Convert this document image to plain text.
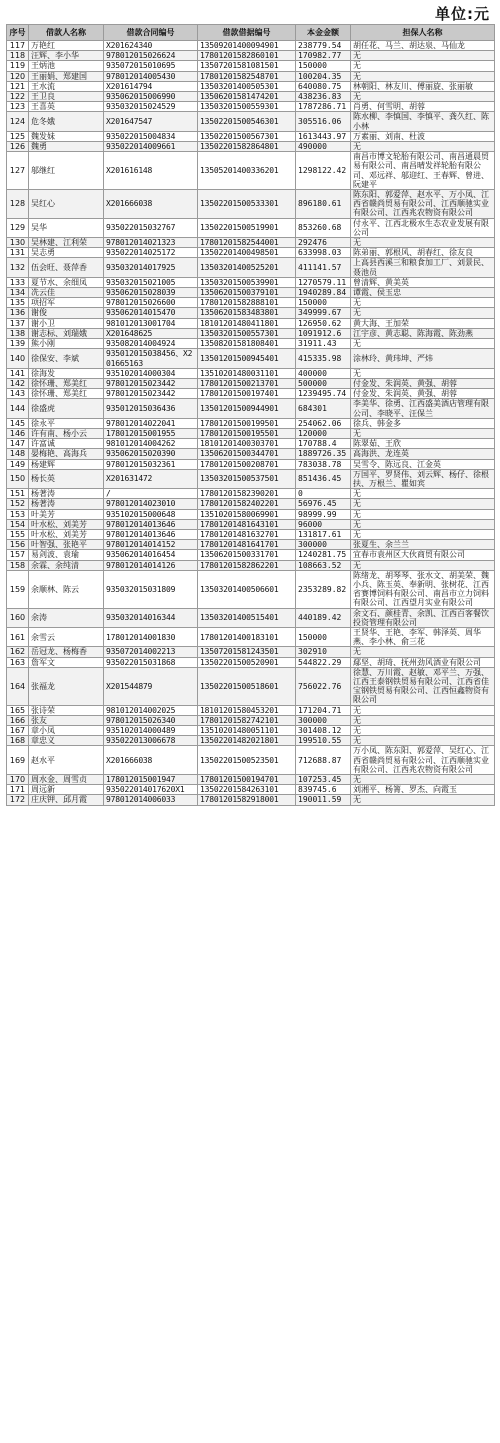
单位:元
序号	借款人名称	借款合同编号	借款借据编号	本金金额	担保人名称
117	万艳红	X201624340	13509201400094901	238779.54	胡任花、马兰、胡达泉、马仙龙
118	汪辉、李小华	978012015026624	17801201582860101	170982.77	无
119	王炳池	935072015010695	13507201581081501	150000	无
120	王丽娟、郑建国	978012014005430	17801201582548701	100204.35	无
121	王水流	X201614794	13503201400505301	640080.75	林朝阳、林友川、傅丽旋、张丽敏
122	王卫良	935062015006990	13506201581474201	438236.83	无
123	王喜英	935032015024529	13503201500559301	1787286.71	肖勇、何雪明、胡蓉
124	危冬娥	X201647547	13502201500546301	305516.06	陈水柳、李慎国、李慎平、龚久红、陈小林
125	魏发妹	935022015004834	13502201500567301	1613443.97	万素丽、刘南、杜波
126	魏勇	935022014009661	13502201582864801	490000	无
127	邬继红	X201616148	13505201400336201	1298122.42	南昌市博文轮胎有限公司、南昌通晨贸易有限公司、南昌晴发祥轮胎有限公司、邓远祥、邬迎红、王春辉、曾进、阮建平
128	吴红心	X201666038	13502201500533301	896180.61	陈东阳、郭爱萍、赵水平、万小凤、江西省赣尚贸易有限公司、江西顺驰实业有限公司、江西兆农物资有限公司
129	吴华	935022015032767	13502201500519901	853260.68	付永平、江西北极水生态农业发展有限公司
130	吴林建、江利荣	978012014021323	17801201582544001	292476	无
131	吴志勇	935022014025172	13502201400498501	633998.03	陈弟丽、郭根风、胡春红、徐友良
132	伍会旺、聂萍香	935032014017925	13503201400525201	411141.57	上高县西溪三和粮食加工厂、刘景民、聂池员
133	夏节水、余细凤	935032015021005	13503201500539901	1270579.11	曾清辉、黄美英
134	冼云佳	935062015028039	13506201500379101	1940289.84	谭霞、侯玉忠
135	项招军	978012015026600	17801201582888101	150000	无
136	谢俊	935062014015470	13506201583483801	349999.67	无
137	谢小卫	981012013001704	18101201480411801	126950.62	黄大海、王加荣
138	谢志标、刘瑞娥	X201648625	13503201500557301	1091912.6	江宇彦、黄志聪、陈海霞、陈劲燕
139	熊小刚	935082014004924	13508201581808401	31911.43	无
140	徐保安、李斌	935012015038456、X201665163	13501201500945401	415335.98	涂林玲、黄玮坤、严炜
141	徐海发	935102014000304	13510201480031101	400000	无
142	徐怀珊、郑美红	978012015023442	17801201500213701	500000	付金发、朱润英、黄强、胡蓉
143	徐怀珊、郑美红	978012015023442	17801201500197401	1239495.74	付金发、朱润英、黄强、胡蓉
144	徐盛虎	935012015036436	13501201500944901	684301	李美华、徐勇、江西盛美酒店管理有限公司、李晓平、汪保兰
145	徐永平	978012014022041	17801201500199501	254062.06	徐兵、韩金多
146	许有南、杨小云	178012015001955	17801201500195501	120000	无
147	许富诚	981012014004262	18101201400303701	170788.4	陈翠茹、王欣
148	晏梅艳、高海兵	935062015020390	13506201500344701	1889726.35	高海洪、龙连英
149	杨建辉	978012015032361	17801201500208701	783038.78	吴雪令、陈远良、江金英
150	杨长英	X201631472	13503201500537501	851436.45	万国平、罗贤伟、刘云辉、杨仔、徐根扶、万根兰、瞿如宾
151	杨著涛	/	17801201582390201	0	无
152	杨著涛	978012014023010	17801201582402201	56976.45	无
153	叶美芳	935102015000648	13510201580069901	98999.99	无
154	叶水松、刘美芳	978012014013646	17801201481643101	96000	无
155	叶水松、刘美芳	978012014013646	17801201481632701	131817.61	无
156	叶智强、张艳平	978012014014152	17801201481641701	300000	张夏生、余兰兰
157	易剑波、袁瑜	935062014016454	13506201500331701	1240281.75	宜春市袁州区大伙商贸有限公司
158	余霖、余纯清	978012014014126	17801201582862201	108663.52	无
159	余顺林、陈云	935032015031809	13503201400506601	2353289.82	陈绪龙、胡琴琴、张水文、胡美荣、魏小兵、陈玉英、奉新明、张树花、江西省赛博饲料有限公司、南昌市立力饲料有限公司、江西望月实业有限公司
160	余涛	935032014016344	13503201400515401	440189.42	余文石、颜桂青、余凯、江西百客餐饮投资管理有限公司
161	余雪云	178012014001830	17801201400183101	150000	王贤华、王艳、李军、韩泽英、周华燕、李小林、俞三花
162	岳冠龙、杨梅香	935072014002213	13507201581243501	302910	无
163	詹军文	935022015031868	13502201500520901	544822.29	鄢坚、胡琦、抚州劲风酒业有限公司
164	张福龙	X201544879	13502201500518601	756022.76	徐慧、万川霞、赵敏、邓平兰、万强、江西王泰钢铁贸易有限公司、江西省佳宝钢铁贸易有限公司、江西恒鑫物资有限公司
165	张诗荣	981012014002025	18101201580453201	171204.71	无
166	张友	978012015026340	17801201582742101	300000	无
167	章小凤	935102014000489	13510201480051101	301408.12	无
168	章忠义	935022013006678	13502201482021801	199510.55	无
169	赵水平	X201666038	13502201500523501	712688.87	万小凤、陈东阳、郭爱萍、吴红心、江西省赣尚贸易有限公司、江西顺驰实业有限公司、江西兆农物资有限公司
170	周水金、周雪贞	178012015001947	17801201500194701	107253.45	无
171	周远新	935022014017620X1	13502201584263101	839745.6	刘湘平、杨箐、罗杰、向霞玉
172	庄庆钾、邱月霞	978012014006033	17801201582918001	190011.59	无
